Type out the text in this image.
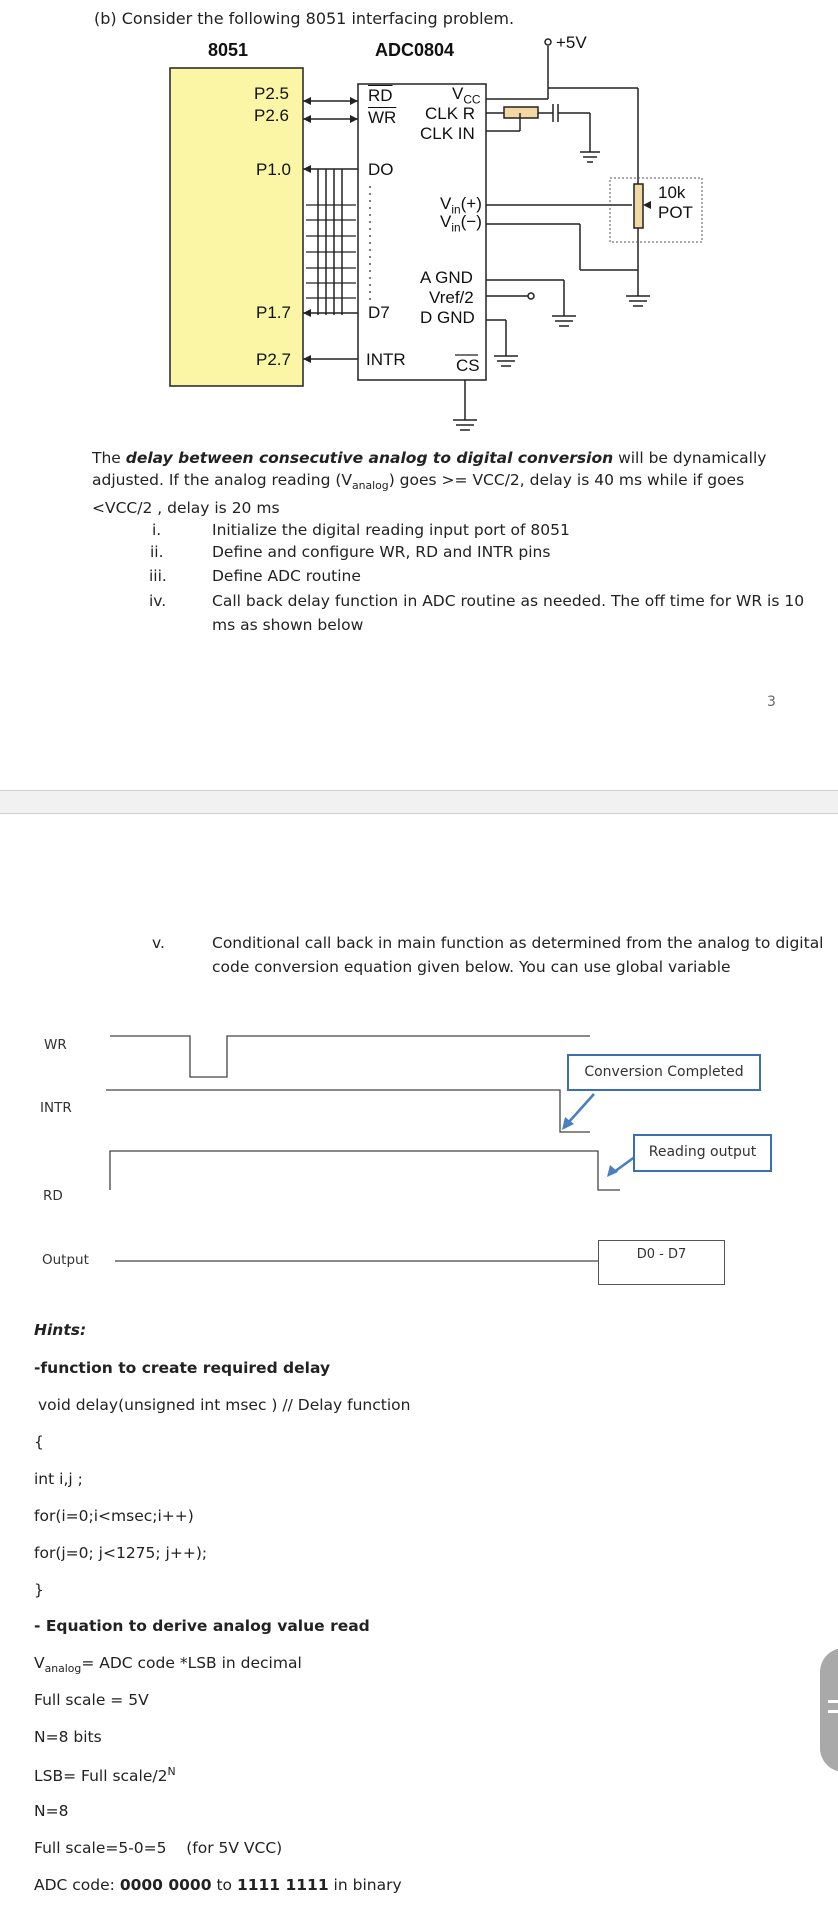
(b) Consider the following 8051 interfacing problem.
8051	ADC0804	+5V
P2.5
P2.6
P1.0
P1.7
P2.7
$\overline{RD}$
$\overline{WR}$
DO
D7
INTR
$V_{CC}$
CLK R
CLK IN
$V_{in}(+)$
$V_{in}(-)$
A GND
Vref/2
D GND
CS
10k
POT
The delay between consecutive analog to digital conversion will be dynamically adjusted. If the analog reading $(V_{analog})$ goes >= VCC/2, delay is 40 ms while if goes <VCC/2 , delay is 20 ms
i.	Initialize the digital reading input port of 8051
ii.	Define and configure WR, RD and INTR pins
iii.	Define ADC routine
iv.	Call back delay function in ADC routine as needed. The off time for WR is 10
ms as shown below
3
v.	Conditional call back in main function as determined from the analog to digital
code conversion equation given below. You can use global variable
WR
INTR
RD
Output
Conversion Completed
Reading output
D0 - D7
Hints:
-function to create required delay
void delay(unsigned int msec ) // Delay function
{
int i,j ;
for(i=0;i<msec;i++)
for(j=0; j<1275; j++);
}
- Equation to derive analog value read
$V_{analog}=$ ADC code *LSB in decimal
Full scale = 5V
N=8 bits
LSB= Full scale/$2^N$
N=8
Full scale=5-0=5    (for 5V VCC)
ADC code: 0000 0000 to 1111 1111 in binary
